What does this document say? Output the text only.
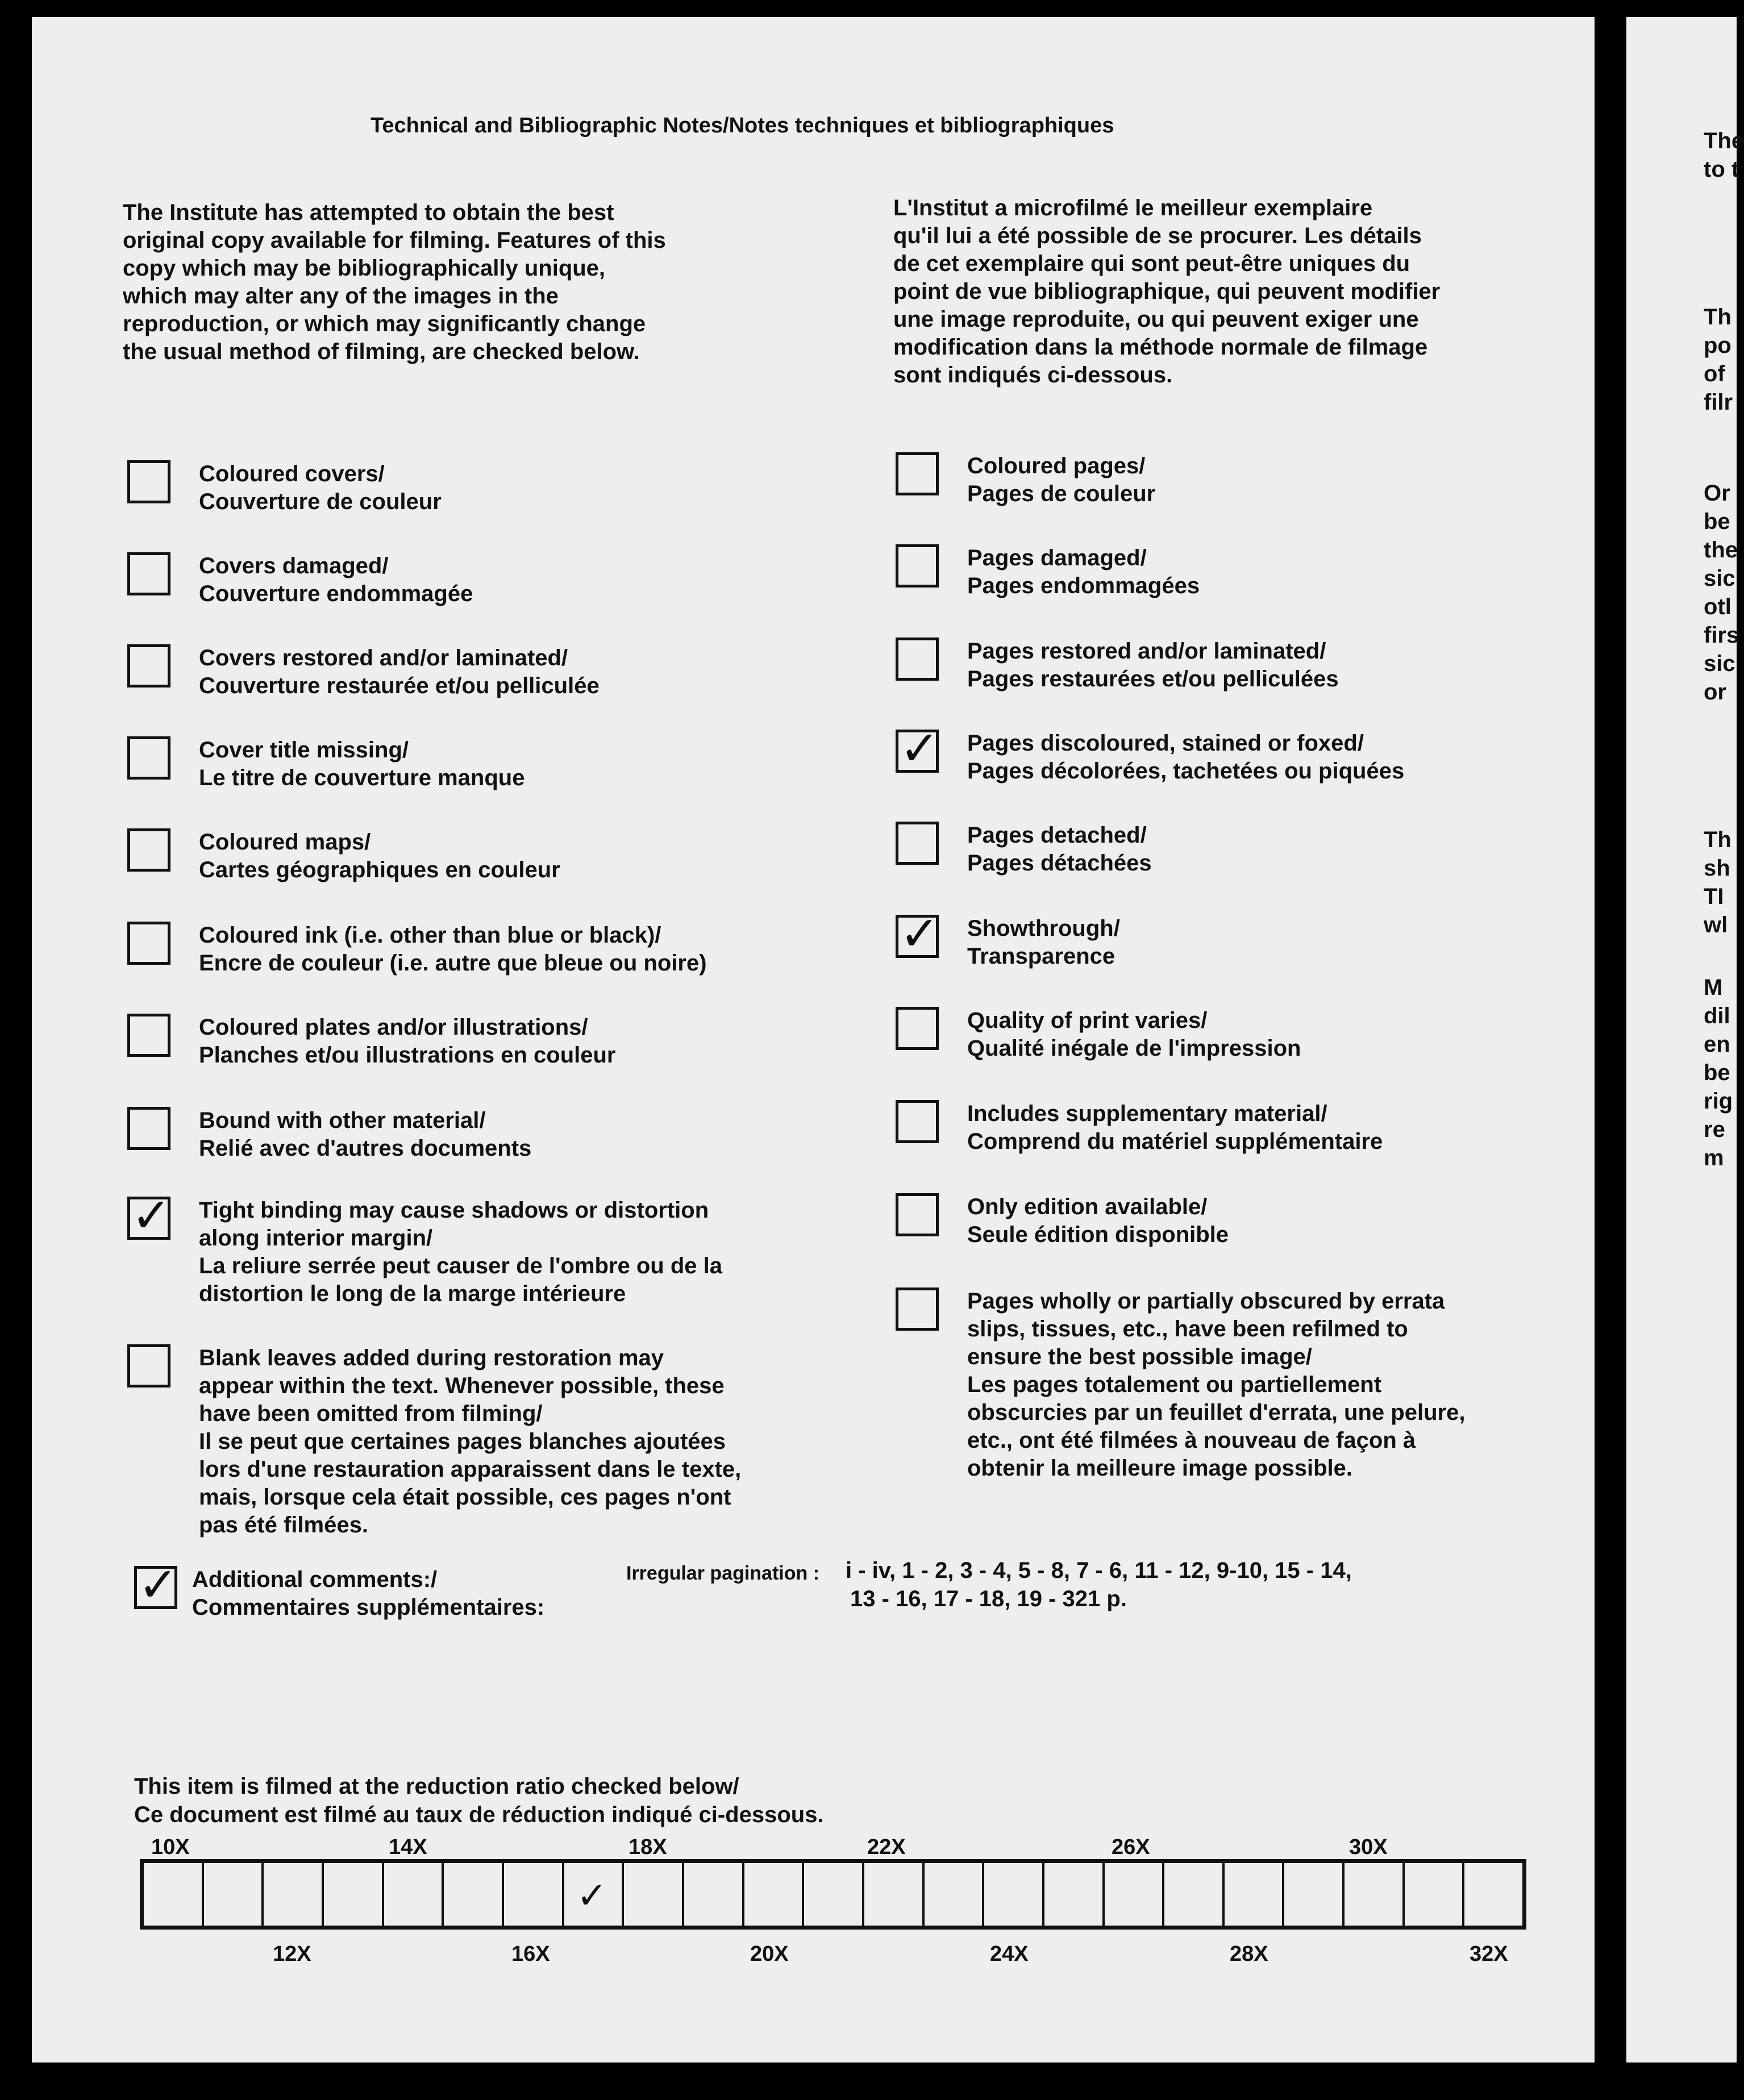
Technical and Bibliographic Notes/Notes techniques et bibliographiques
The Institute has attempted to obtain the best
original copy available for filming. Features of this
copy which may be bibliographically unique,
which may alter any of the images in the
reproduction, or which may significantly change
the usual method of filming, are checked below.
L'Institut a microfilmé le meilleur exemplaire
qu'il lui a été possible de se procurer. Les détails
de cet exemplaire qui sont peut-être uniques du
point de vue bibliographique, qui peuvent modifier
une image reproduite, ou qui peuvent exiger une
modification dans la méthode normale de filmage
sont indiqués ci-dessous.
Coloured covers/
Couverture de couleur
Covers damaged/
Couverture endommagée
Covers restored and/or laminated/
Couverture restaurée et/ou pelliculée
Cover title missing/
Le titre de couverture manque
Coloured maps/
Cartes géographiques en couleur
Coloured ink (i.e. other than blue or black)/
Encre de couleur (i.e. autre que bleue ou noire)
Coloured plates and/or illustrations/
Planches et/ou illustrations en couleur
Bound with other material/
Relié avec d'autres documents
✓ Tight binding may cause shadows or distortion
along interior margin/
La reliure serrée peut causer de l'ombre ou de la
distortion le long de la marge intérieure
Blank leaves added during restoration may
appear within the text. Whenever possible, these
have been omitted from filming/
Il se peut que certaines pages blanches ajoutées
lors d'une restauration apparaissent dans le texte,
mais, lorsque cela était possible, ces pages n'ont
pas été filmées.
Coloured pages/
Pages de couleur
Pages damaged/
Pages endommagées
Pages restored and/or laminated/
Pages restaurées et/ou pelliculées
✓ Pages discoloured, stained or foxed/
Pages décolorées, tachetées ou piquées
Pages detached/
Pages détachées
✓ Showthrough/
Transparence
Quality of print varies/
Qualité inégale de l'impression
Includes supplementary material/
Comprend du matériel supplémentaire
Only edition available/
Seule édition disponible
Pages wholly or partially obscured by errata
slips, tissues, etc., have been refilmed to
ensure the best possible image/
Les pages totalement ou partiellement
obscurcies par un feuillet d'errata, une pelure,
etc., ont été filmées à nouveau de façon à
obtenir la meilleure image possible.
✓ Additional comments:/
Commentaires supplémentaires:
Irregular pagination : i - iv, 1 - 2, 3 - 4, 5 - 8, 7 - 6, 11 - 12, 9-10, 15 - 14,
13 - 16, 17 - 18, 19 - 321 p.
This item is filmed at the reduction ratio checked below/
Ce document est filmé au taux de réduction indiqué ci-dessous.
10X	14X	18X	22X	26X	30X
✓
12X	16X	20X	24X	28X	32X
The
to t
Th
po
of
filr
Or
be
the
sic
otl
firs
sic
or
Th
sh
TI
wl
M
dil
en
be
rig
re
m
